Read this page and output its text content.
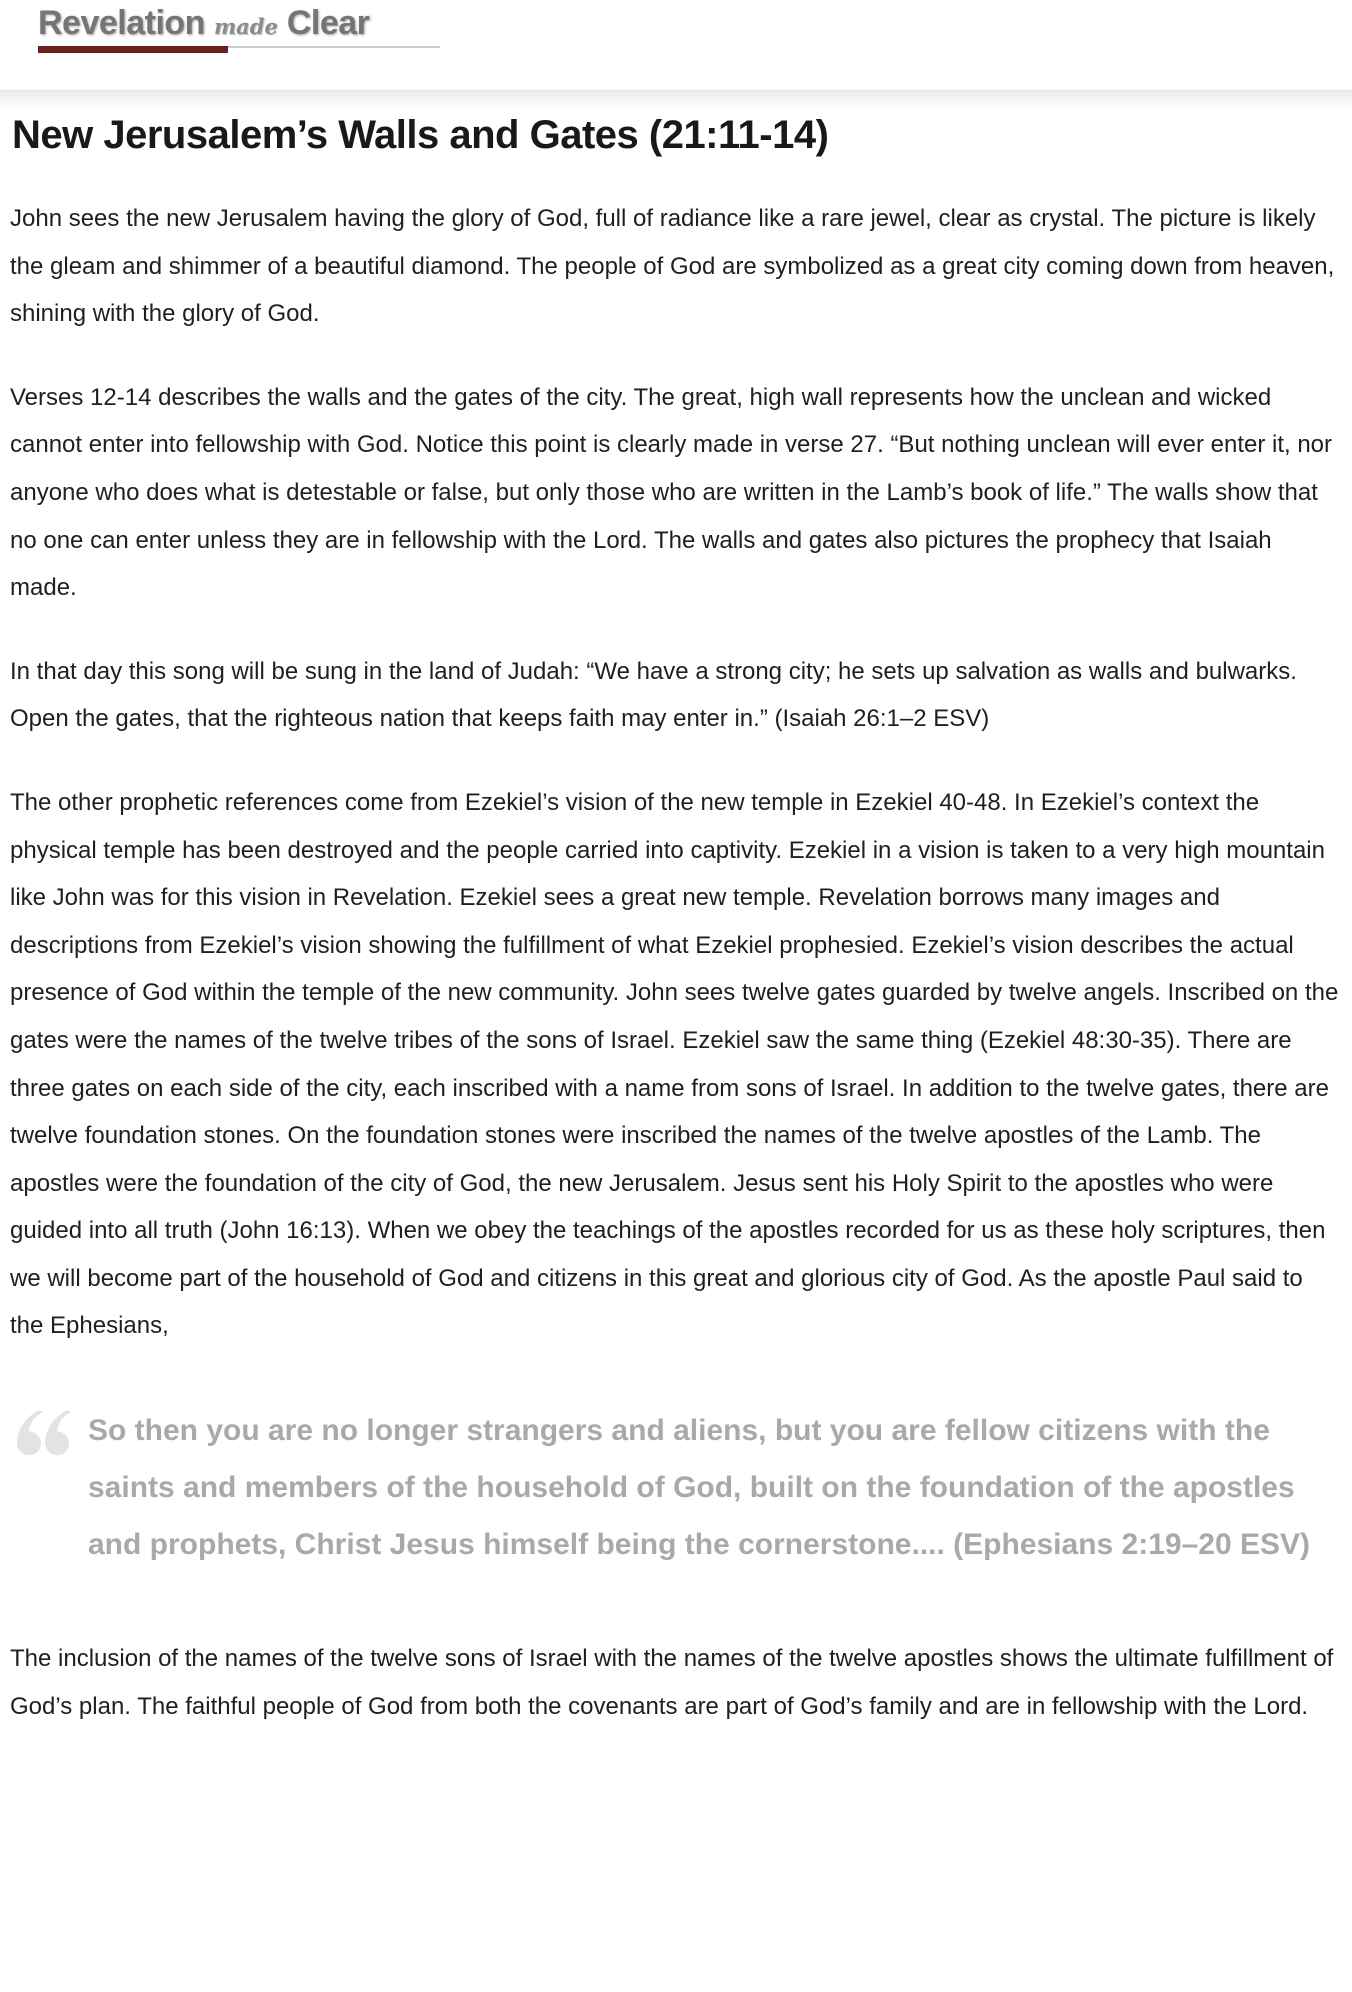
Revelation made Clear
New Jerusalem’s Walls and Gates (21:11-14)

John sees the new Jerusalem having the glory of God, full of radiance like a rare jewel, clear as crystal. The picture is likely the gleam and shimmer of a beautiful diamond. The people of God are symbolized as a great city coming down from heaven, shining with the glory of God.

Verses 12-14 describes the walls and the gates of the city. The great, high wall represents how the unclean and wicked cannot enter into fellowship with God. Notice this point is clearly made in verse 27. “But nothing unclean will ever enter it, nor anyone who does what is detestable or false, but only those who are written in the Lamb’s book of life.” The walls show that no one can enter unless they are in fellowship with the Lord. The walls and gates also pictures the prophecy that Isaiah made.

In that day this song will be sung in the land of Judah: “We have a strong city; he sets up salvation as walls and bulwarks. Open the gates, that the righteous nation that keeps faith may enter in.” (Isaiah 26:1–2 ESV)

The other prophetic references come from Ezekiel’s vision of the new temple in Ezekiel 40-48. In Ezekiel’s context the physical temple has been destroyed and the people carried into captivity. Ezekiel in a vision is taken to a very high mountain like John was for this vision in Revelation. Ezekiel sees a great new temple. Revelation borrows many images and descriptions from Ezekiel’s vision showing the fulfillment of what Ezekiel prophesied. Ezekiel’s vision describes the actual presence of God within the temple of the new community. John sees twelve gates guarded by twelve angels. Inscribed on the gates were the names of the twelve tribes of the sons of Israel. Ezekiel saw the same thing (Ezekiel 48:30-35). There are three gates on each side of the city, each inscribed with a name from sons of Israel. In addition to the twelve gates, there are twelve foundation stones. On the foundation stones were inscribed the names of the twelve apostles of the Lamb. The apostles were the foundation of the city of God, the new Jerusalem. Jesus sent his Holy Spirit to the apostles who were guided into all truth (John 16:13). When we obey the teachings of the apostles recorded for us as these holy scriptures, then we will become part of the household of God and citizens in this great and glorious city of God. As the apostle Paul said to the Ephesians,

So then you are no longer strangers and aliens, but you are fellow citizens with the saints and members of the household of God, built on the foundation of the apostles and prophets, Christ Jesus himself being the cornerstone.... (Ephesians 2:19–20 ESV)

The inclusion of the names of the twelve sons of Israel with the names of the twelve apostles shows the ultimate fulfillment of God’s plan. The faithful people of God from both the covenants are part of God’s family and are in fellowship with the Lord.
